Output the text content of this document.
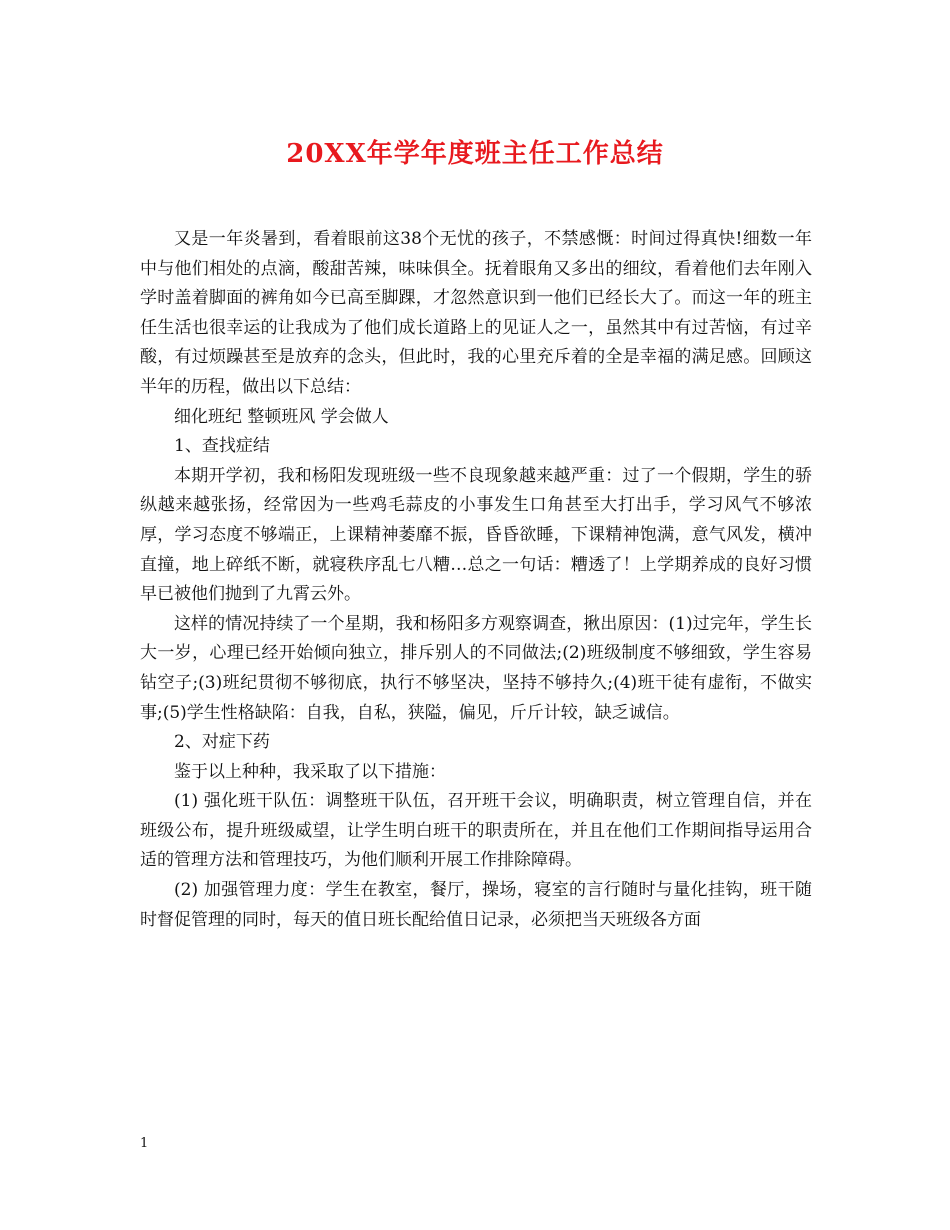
20XX年学年度班主任工作总结

又是一年炎暑到，看着眼前这38个无忧的孩子，不禁感慨：时间过得真快!细数一年中与他们相处的点滴，酸甜苦辣，味味俱全。抚着眼角又多出的细纹，看着他们去年刚入学时盖着脚面的裤角如今已高至脚踝，才忽然意识到一他们已经长大了。而这一年的班主任生活也很幸运的让我成为了他们成长道路上的见证人之一，虽然其中有过苦恼，有过辛酸，有过烦躁甚至是放弃的念头，但此时，我的心里充斥着的全是幸福的满足感。回顾这半年的历程，做出以下总结：

细化班纪 整顿班风 学会做人

1、查找症结

本期开学初，我和杨阳发现班级一些不良现象越来越严重：过了一个假期，学生的骄纵越来越张扬，经常因为一些鸡毛蒜皮的小事发生口角甚至大打出手，学习风气不够浓厚，学习态度不够端正，上课精神萎靡不振，昏昏欲睡，下课精神饱满，意气风发，横冲直撞，地上碎纸不断，就寝秩序乱七八糟…总之一句话：糟透了！上学期养成的良好习惯早已被他们抛到了九霄云外。

这样的情况持续了一个星期，我和杨阳多方观察调查，揪出原因：(1)过完年，学生长大一岁，心理已经开始倾向独立，排斥别人的不同做法;(2)班级制度不够细致，学生容易钻空子;(3)班纪贯彻不够彻底，执行不够坚决，坚持不够持久;(4)班干徒有虚衔，不做实事;(5)学生性格缺陷：自我，自私，狭隘，偏见，斤斤计较，缺乏诚信。

2、对症下药

鉴于以上种种，我采取了以下措施：

(1) 强化班干队伍：调整班干队伍，召开班干会议，明确职责，树立管理自信，并在班级公布，提升班级威望，让学生明白班干的职责所在，并且在他们工作期间指导运用合适的管理方法和管理技巧，为他们顺利开展工作排除障碍。

(2) 加强管理力度：学生在教室，餐厅，操场，寝室的言行随时与量化挂钩，班干随时督促管理的同时，每天的值日班长配给值日记录，必须把当天班级各方面

1
